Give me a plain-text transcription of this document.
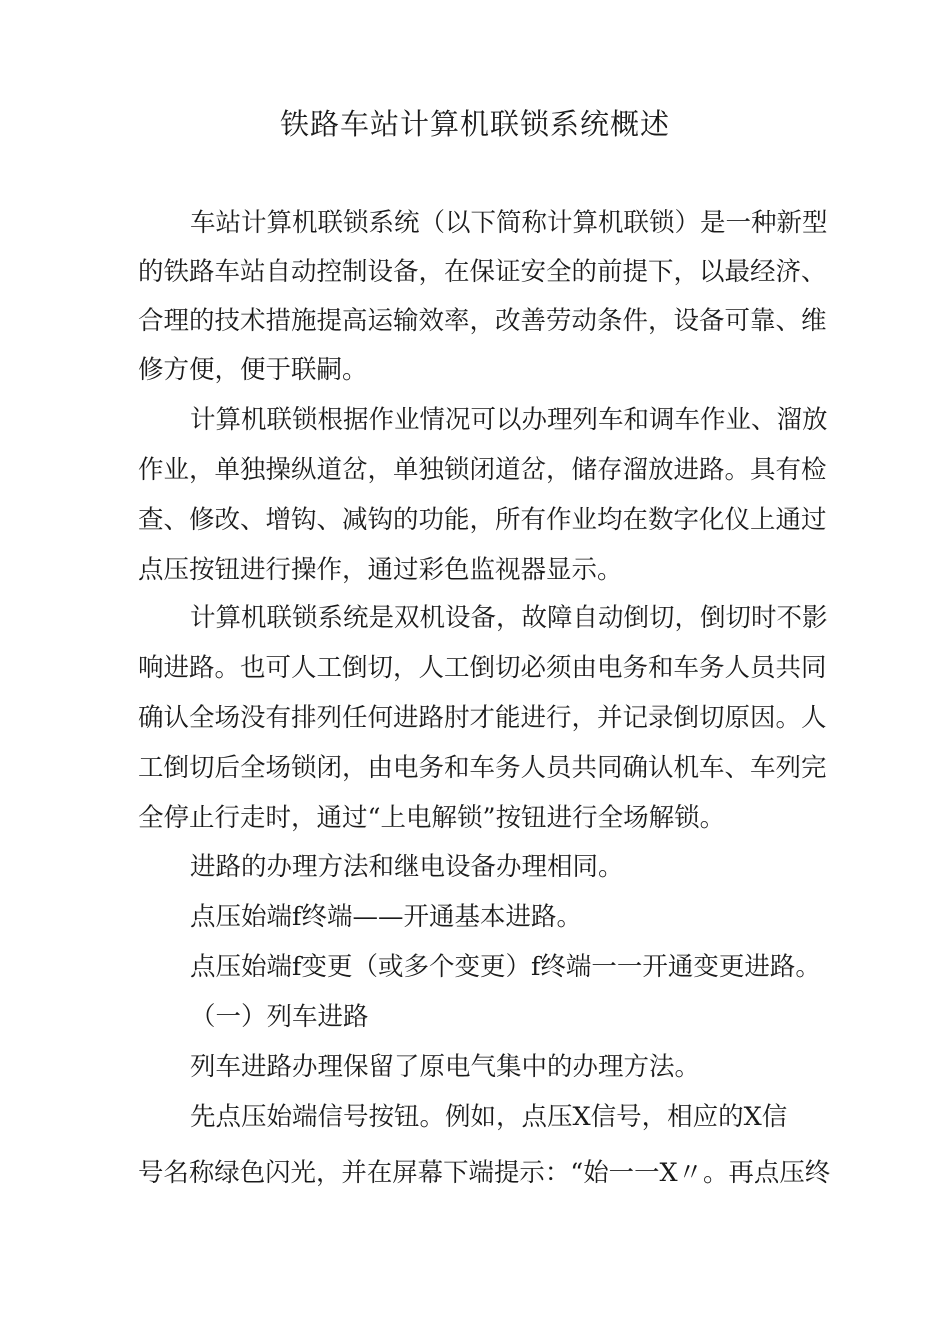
铁路车站计算机联锁系统概述
车站计算机联锁系统（以下简称计算机联锁）是一种新型
的铁路车站自动控制设备，在保证安全的前提下，以最经济、
合理的技术措施提高运输效率，改善劳动条件，设备可靠、维
修方便，便于联嗣。
计算机联锁根据作业情况可以办理列车和调车作业、溜放
作业，单独操纵道岔，单独锁闭道岔，储存溜放进路。具有检
查、修改、增钩、减钩的功能，所有作业均在数字化仪上通过
点压按钮进行操作，通过彩色监视器显示。
计算机联锁系统是双机设备，故障自动倒切，倒切时不影
响进路。也可人工倒切，人工倒切必须由电务和车务人员共同
确认全场没有排列任何进路肘才能进行，并记录倒切原因。人
工倒切后全场锁闭，由电务和车务人员共同确认机车、车列完
全停止行走时，通过“上电解锁”按钮进行全场解锁。
进路的办理方法和继电设备办理相同。
点压始端f终端——开通基本进路。
点压始端f变更（或多个变更）f终端一一开通变更进路。
（一）列车进路
列车进路办理保留了原电气集中的办理方法。
先点压始端信号按钮。例如，点压X信号，相应的X信
号名称绿色闪光，并在屏幕下端提示：“始一一X〃。再点压终
